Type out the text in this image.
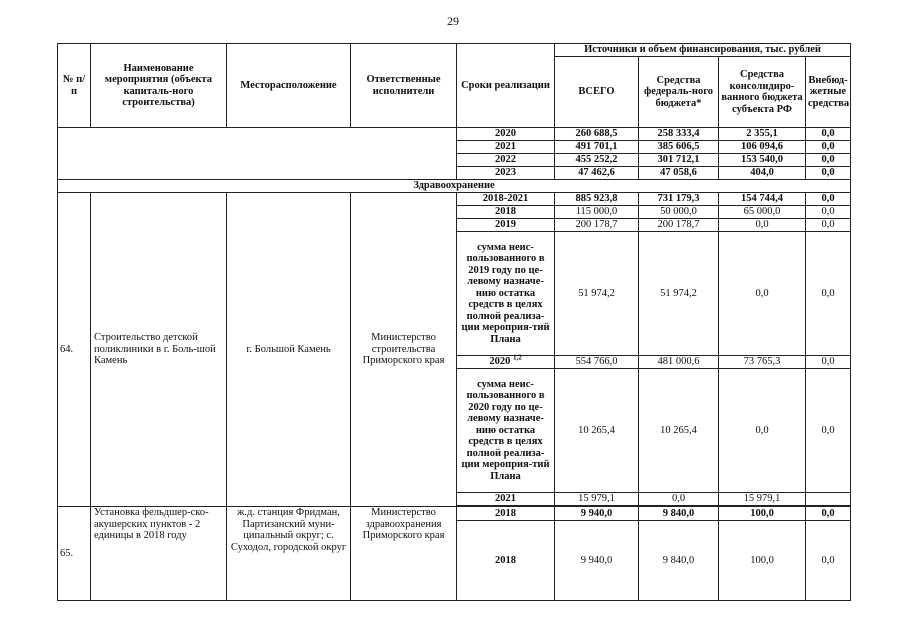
29
№ п/п	Наименование мероприятия (объекта капиталь-ного строительства)	Месторасположение	Ответственные исполнители	Сроки реализации	Источники и объем финансирования, тыс. рублей			
					ВСЕГО	Средства федераль-ного бюджета*	Средства консолидиро-ванного бюджета субъекта РФ	Внебюд-жетные средства
				2020	260 688,5	258 333,4	2 355,1	0,0
				2021	491 701,1	385 606,5	106 094,6	0,0
				2022	455 252,2	301 712,1	153 540,0	0,0
				2023	47 462,6	47 058,6	404,0	0,0
Здравоохранение								
64.	Строительство детской поликлиники в г. Боль-шой Камень	г. Большой Камень	Министерство строительства Приморского края	2018-2021	885 923,8	731 179,3	154 744,4	0,0
				2018	115 000,0	50 000,0	65 000,0	0,0
				2019	200 178,7	200 178,7	0,0	0,0
				сумма неис-пользованного в 2019 году по це-левому назначе-нию остатка средств в целях полной реализа-ции мероприя-тий Плана	51 974,2	51 974,2	0,0	0,0
				2020 $^{1,2}$	554 766,0	481 000,6	73 765,3	0,0
				сумма неис-пользованного в 2020 году по це-левому назначе-нию остатка средств в целях полной реализа-ции мероприя-тий Плана	10 265,4	10 265,4	0,0	0,0
				2021	15 979,1	0,0	15 979,1	

65.	Установка фельдшер-ско-акушерских пунктов - 2 единицы в 2018 году	ж.д. станция Фридман, Партизанский муни-ципальный округ; с. Суходол, городской округ	Министерство здравоохранения Приморского края	2018	9 940,0	9 840,0	100,0	0,0
				2018	9 940,0	9 840,0	100,0	0,0
